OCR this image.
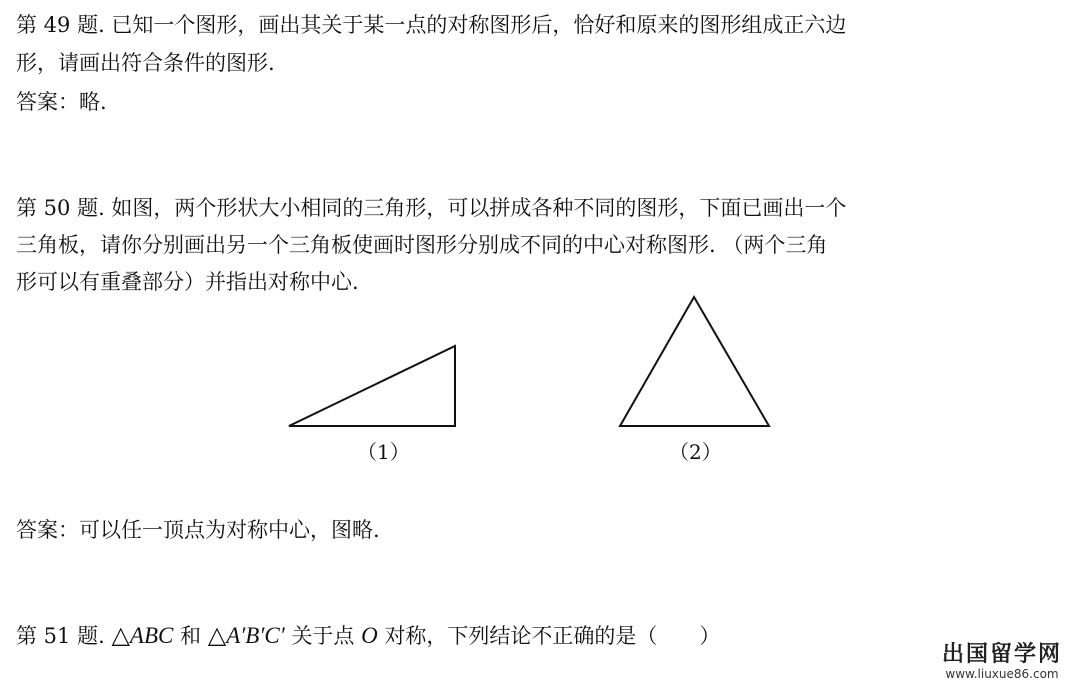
第 49 题. 已知一个图形，画出其关于某一点的对称图形后，恰好和原来的图形组成正六边
形，请画出符合条件的图形.
答案：略.
第 50 题. 如图，两个形状大小相同的三角形，可以拼成各种不同的图形，下面已画出一个
三角板，请你分别画出另一个三角板使画时图形分别成不同的中心对称图形. （两个三角
形可以有重叠部分）并指出对称中心.
（1）	（2）
答案：可以任一顶点为对称中心，图略.
第 51 题. △ABC 和 △A′B′C′ 关于点 O 对称，下列结论不正确的是（　　）
出国留学网
www.liuxue86.com
